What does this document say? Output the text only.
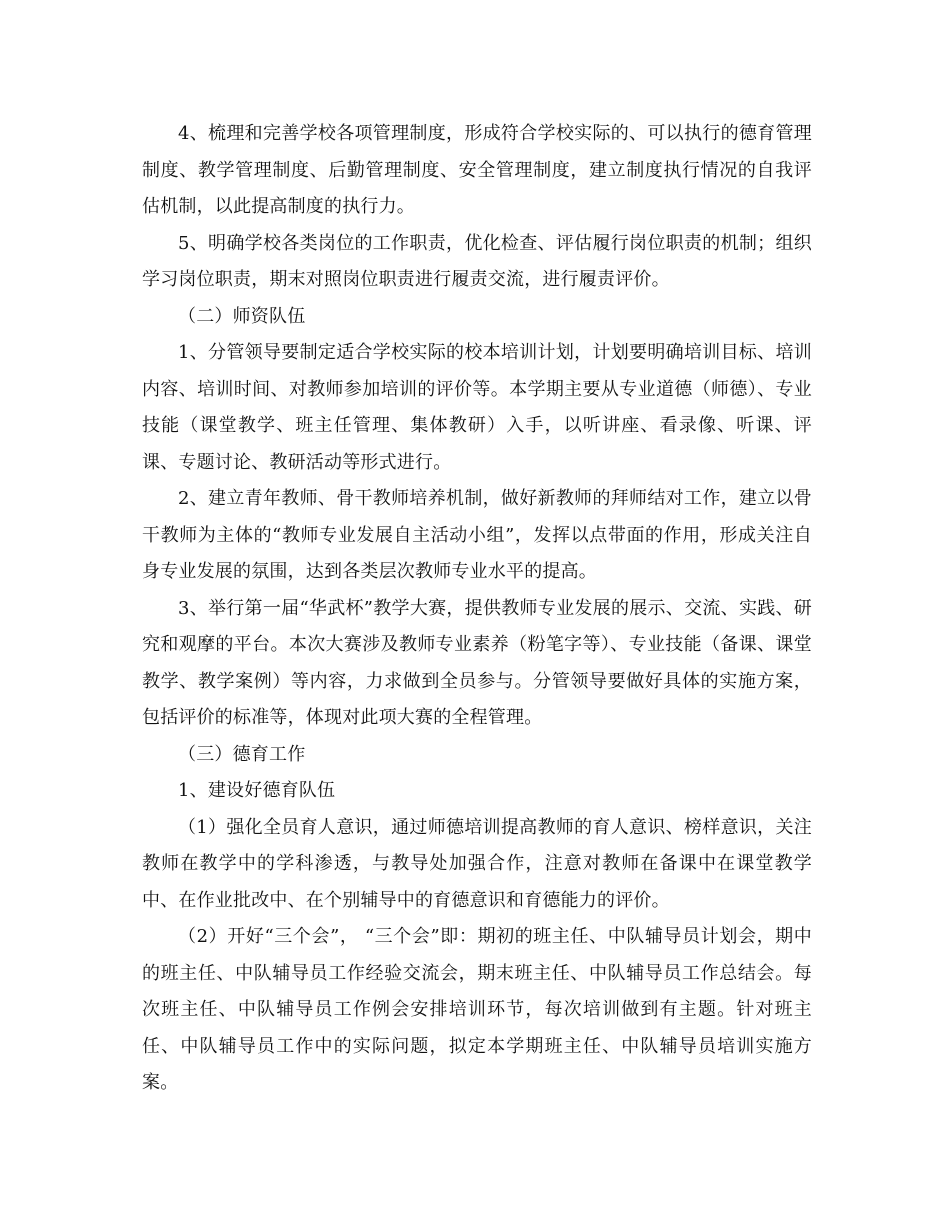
4、梳理和完善学校各项管理制度，形成符合学校实际的、可以执行的德育管理制度、教学管理制度、后勤管理制度、安全管理制度，建立制度执行情况的自我评估机制，以此提高制度的执行力。

5、明确学校各类岗位的工作职责，优化检查、评估履行岗位职责的机制；组织学习岗位职责，期末对照岗位职责进行履责交流，进行履责评价。

（二）师资队伍

1、分管领导要制定适合学校实际的校本培训计划，计划要明确培训目标、培训内容、培训时间、对教师参加培训的评价等。本学期主要从专业道德（师德）、专业技能（课堂教学、班主任管理、集体教研）入手，以听讲座、看录像、听课、评课、专题讨论、教研活动等形式进行。

2、建立青年教师、骨干教师培养机制，做好新教师的拜师结对工作，建立以骨干教师为主体的“教师专业发展自主活动小组”，发挥以点带面的作用，形成关注自身专业发展的氛围，达到各类层次教师专业水平的提高。

3、举行第一届“华武杯”教学大赛，提供教师专业发展的展示、交流、实践、研究和观摩的平台。本次大赛涉及教师专业素养（粉笔字等）、专业技能（备课、课堂教学、教学案例）等内容，力求做到全员参与。分管领导要做好具体的实施方案，包括评价的标准等，体现对此项大赛的全程管理。

（三）德育工作

1、建设好德育队伍

（1）强化全员育人意识，通过师德培训提高教师的育人意识、榜样意识，关注教师在教学中的学科渗透，与教导处加强合作，注意对教师在备课中在课堂教学中、在作业批改中、在个别辅导中的育德意识和育德能力的评价。

（2）开好“三个会”， “三个会”即：期初的班主任、中队辅导员计划会，期中的班主任、中队辅导员工作经验交流会，期末班主任、中队辅导员工作总结会。每次班主任、中队辅导员工作例会安排培训环节，每次培训做到有主题。针对班主任、中队辅导员工作中的实际问题，拟定本学期班主任、中队辅导员培训实施方案。
